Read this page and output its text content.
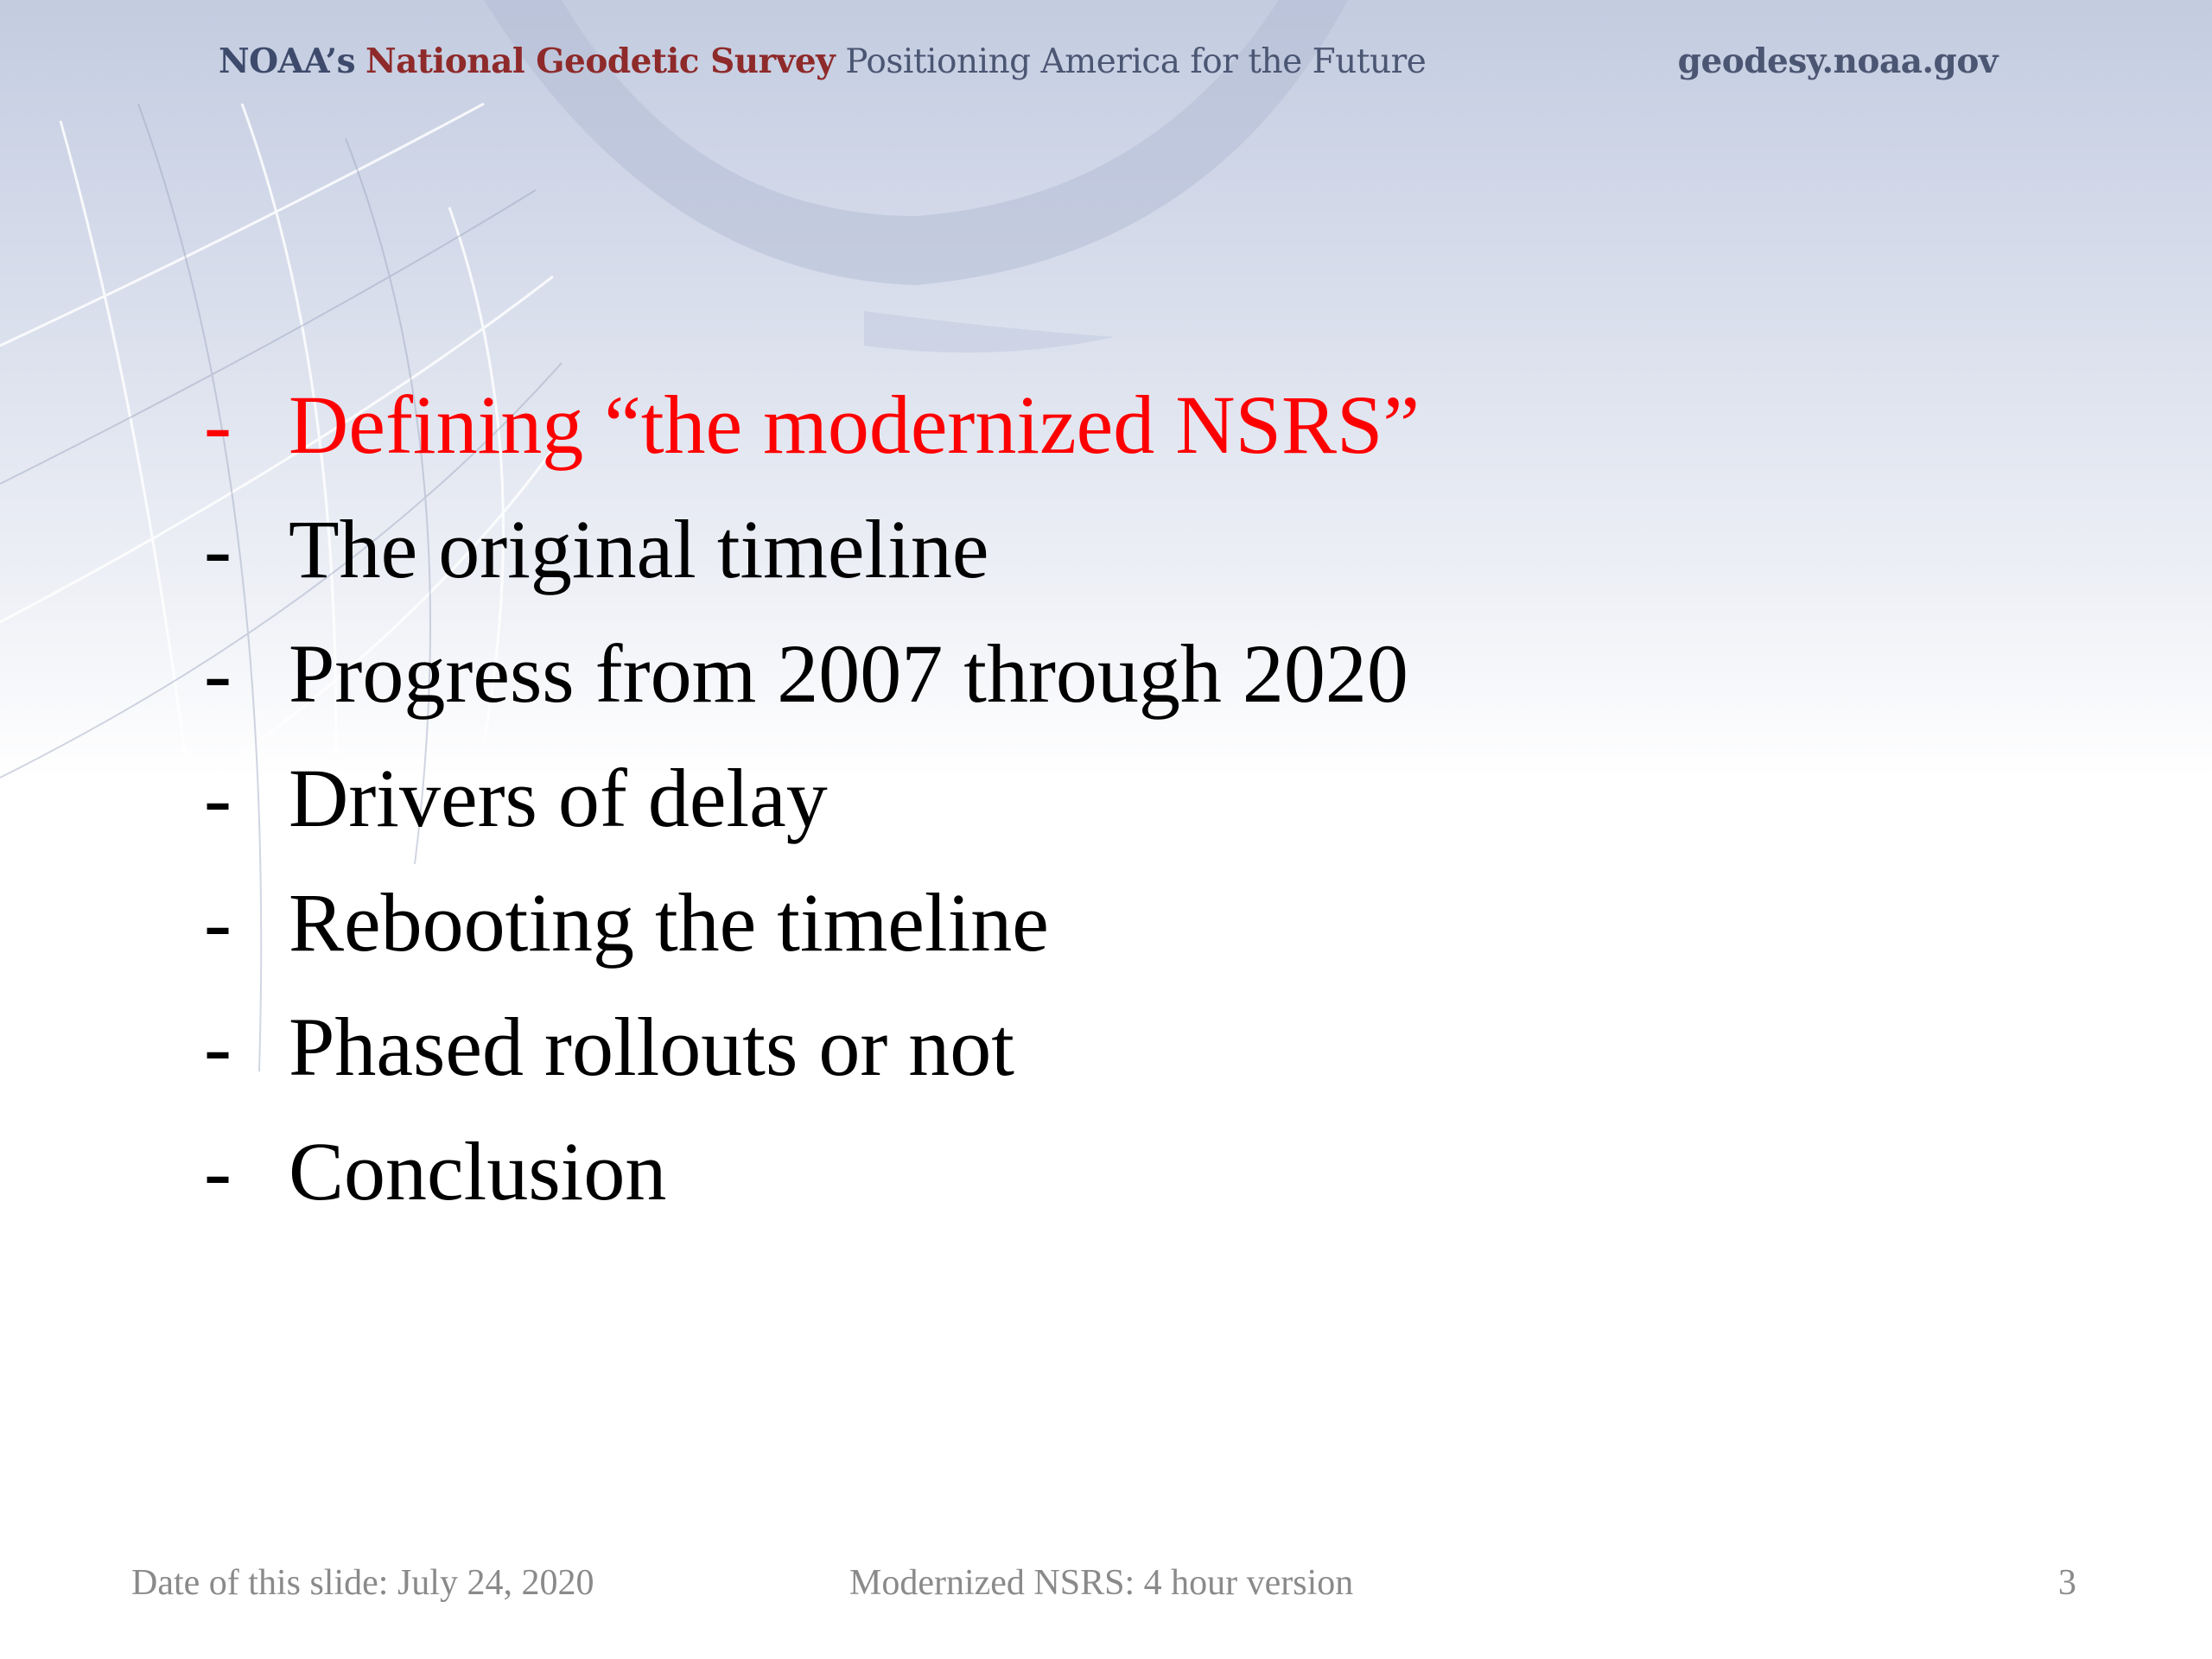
NOAA’s National Geodetic Survey Positioning America for the Future	geodesy.noaa.gov
- Defining “the modernized NSRS”
- The original timeline
- Progress from 2007 through 2020
- Drivers of delay
- Rebooting the timeline
- Phased rollouts or not
- Conclusion
Date of this slide: July 24, 2020	Modernized NSRS: 4 hour version	3
